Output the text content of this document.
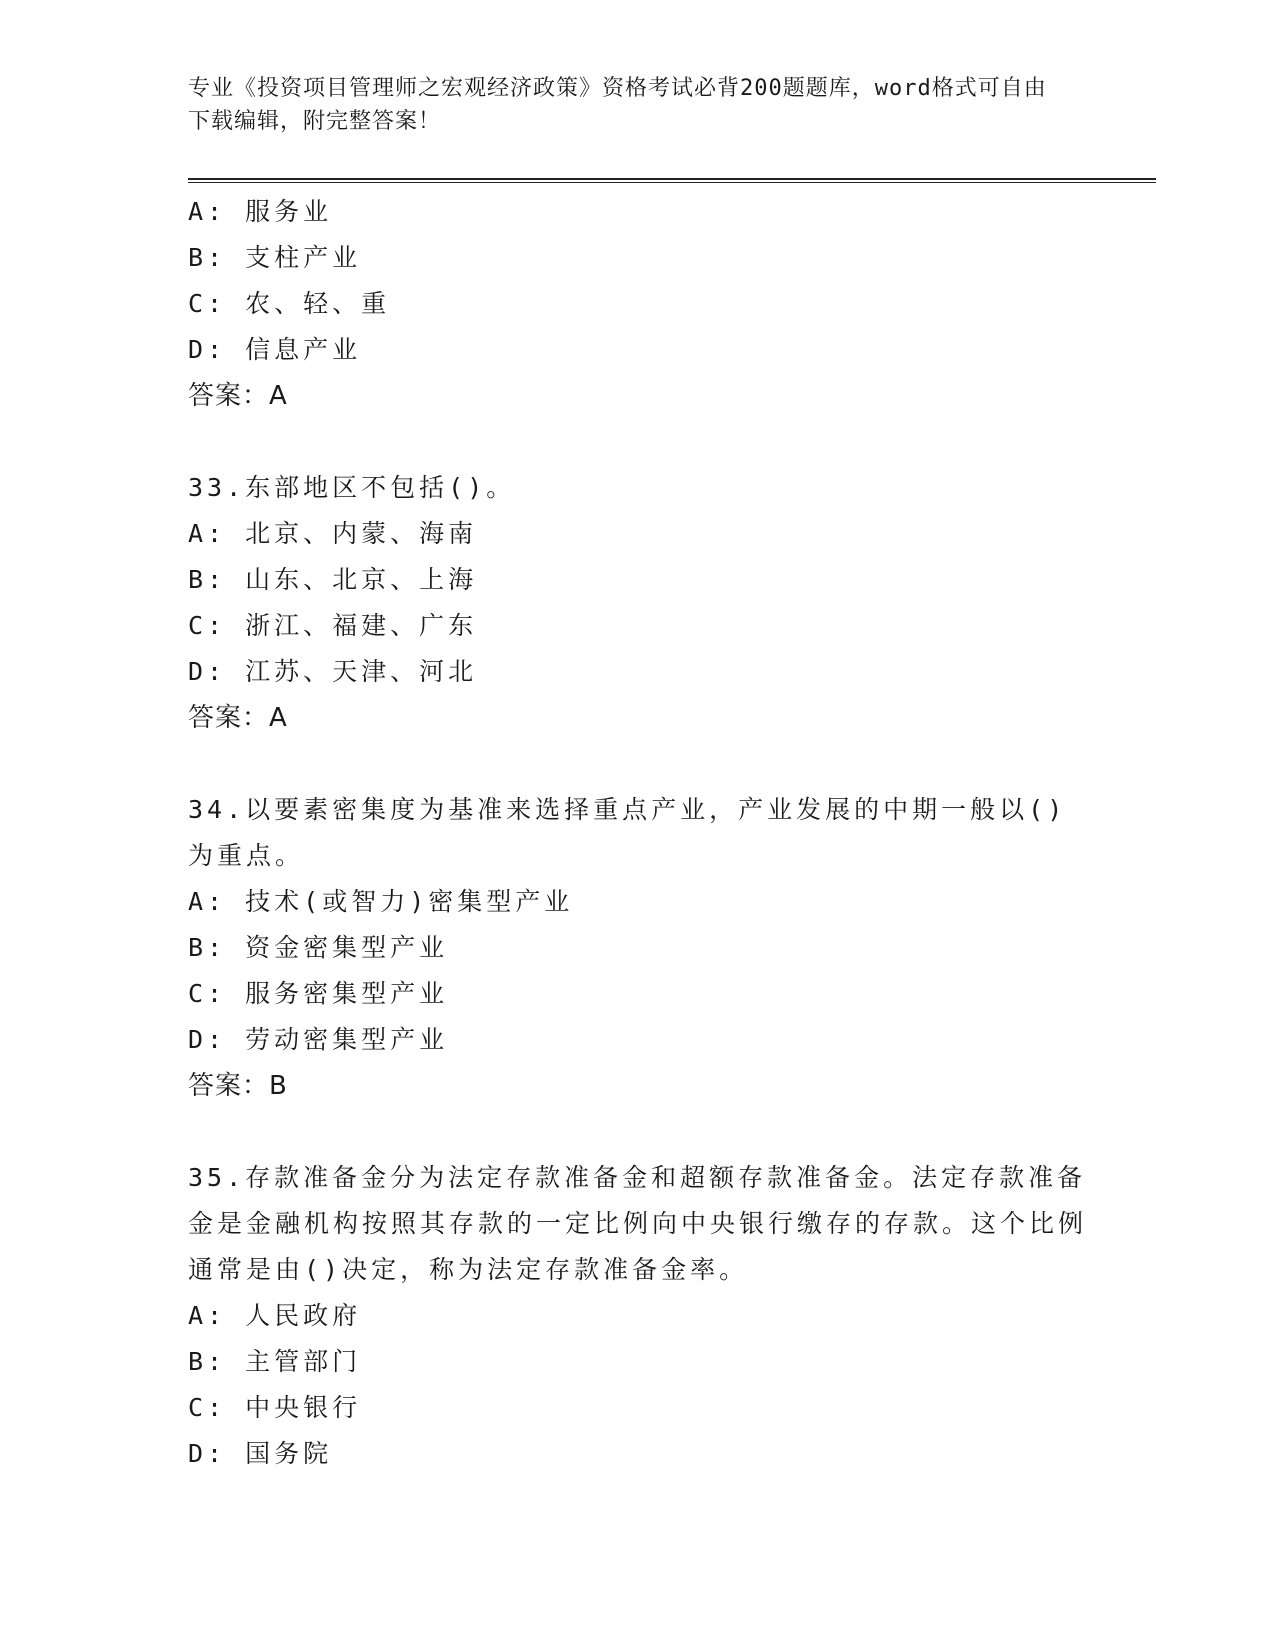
专业《投资项目管理师之宏观经济政策》资格考试必背200题题库，word格式可自由下载编辑，附完整答案！
A: 服务业
B: 支柱产业
C: 农、轻、重
D: 信息产业
答案：A
33.东部地区不包括()。
A: 北京、内蒙、海南
B: 山东、北京、上海
C: 浙江、福建、广东
D: 江苏、天津、河北
答案：A
34.以要素密集度为基准来选择重点产业，产业发展的中期一般以()为重点。
A: 技术(或智力)密集型产业
B: 资金密集型产业
C: 服务密集型产业
D: 劳动密集型产业
答案：B
35.存款准备金分为法定存款准备金和超额存款准备金。法定存款准备金是金融机构按照其存款的一定比例向中央银行缴存的存款。这个比例通常是由()决定，称为法定存款准备金率。
A: 人民政府
B: 主管部门
C: 中央银行
D: 国务院
